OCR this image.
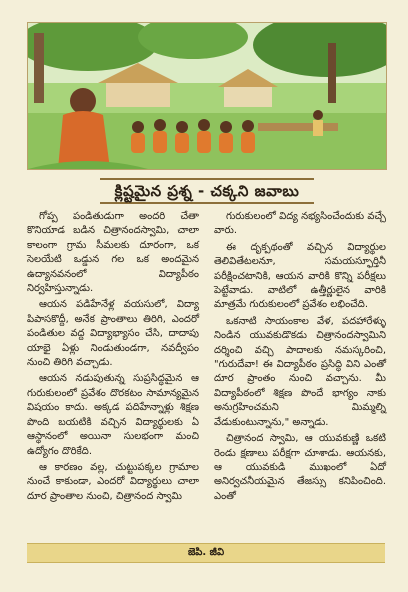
క్లిష్టమైన ప్రశ్న - చక్కని జవాబు

గోప్ప పండితుడుగా అందరి చేతా కొనియాడ బడిన చిత్రానందస్వామి, చాలా కాలంగా గ్రామ సీమలకు దూరంగా, ఒక సెలయేటి ఒడ్డున గల ఒక అందమైన ఉద్యానవనంలో విద్యాపీఠం నిర్వహిస్తున్నాడు.

ఆయన పడిహేనేళ్ల వయసులో, విద్యా పిపాసకొద్దీ, అనేక ప్రాంతాలు తిరిగి, ఎందరో పండితుల వద్ద విద్యాభ్యాసం చేసి, దాదాపు యాభై ఏళ్లు నిండుతుండగా, నవద్వీపం నుంచి తిరిగి వచ్చాడు.

ఆయన నడుపుతున్న సుప్రసిద్ధమైన ఆ గురుకులంలో ప్రవేశం దొరకటం సామాన్యమైన విషయం కాదు. అక్కడ పదిహేన్నాళ్లు శిక్షణ పొంది బయటికి వచ్చిన విద్యార్థులకు ఏ ఆస్థానంలో అయినా సులభంగా మంచి ఉద్యోగం దొరికేది.

ఆ కారణం వల్ల, చుట్టుపక్కల గ్రామాల నుంచే కాకుండా, ఎందరో విద్యార్థులు చాలా దూర ప్రాంతాల నుంచి, చిత్రానంద స్వామి

గురుకులంలో విద్య నభ్యసించేందుకు వచ్చే వారు.

ఈ దృక్పథంతో వచ్చిన విద్యార్థుల తెలివితేటలనూ, సమయస్ఫూర్తినీ పరీక్షించటానికి, ఆయన వారికి కొన్ని పరీక్షలు పెట్టేవాడు. వాటిలో ఉత్తీర్ణులైన వారికి మాత్రమే గురుకులంలో ప్రవేశం లభించేది.

ఒకనాటి సాయంకాల వేళ, పదహారేళ్ళు నిండిన యువకుడొకడు చిత్రానందస్వామిని దర్శించి వచ్చి పాదాలకు నమస్కరించి, "గురుదేవా! ఈ విద్యాపీఠం ప్రసిద్ధి విని ఎంతో దూర ప్రాంతం నుంచి వచ్చాను. మీ విద్యాపీఠంలో శిక్షణ పొందే భాగ్యం నాకు అనుగ్రహించమని మిమ్మల్ని వేడుకుంటున్నాను," అన్నాడు.

చిత్రానంద స్వామి, ఆ యువకుణ్ణి ఒకటి రెండు క్షణాలు పరీక్షగా చూశాడు. ఆయనకు, ఆ యువకుడి ముఖంలో ఏదో అనిర్వచనీయమైన తేజస్సు కనిపించింది. ఎంతో

జెపి. జీవి
